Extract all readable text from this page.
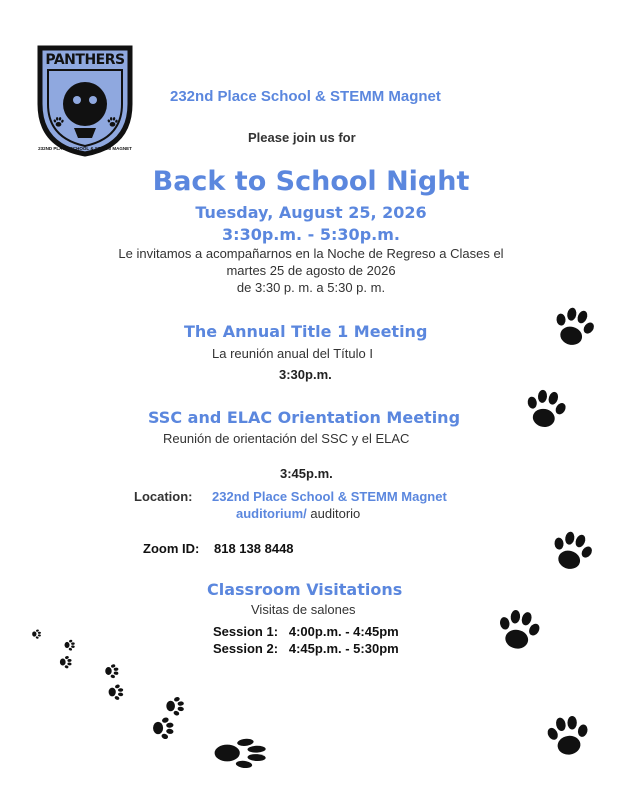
PANTHERS
232ND PLACE SCHOOL & STEMM MAGNET
232nd Place School & STEMM Magnet
Please join us for
Back to School Night
Tuesday, August 25, 2026
3:30p.m. - 5:30p.m.
Le invitamos a acompañarnos en la Noche de Regreso a Clases el
martes 25 de agosto de 2026
de 3:30 p. m. a 5:30 p. m.
The Annual Title 1 Meeting
La reunión anual del Título I
3:30p.m.
SSC and ELAC Orientation Meeting
Reunión de orientación del SSC y el ELAC
3:45p.m.
Location: 232nd Place School & STEMM Magnet
auditorium/ auditorio
Zoom ID: 818 138 8448
Classroom Visitations
Visitas de salones
Session 1: 4:00p.m. - 4:45pm
Session 2: 4:45p.m. - 5:30pm
